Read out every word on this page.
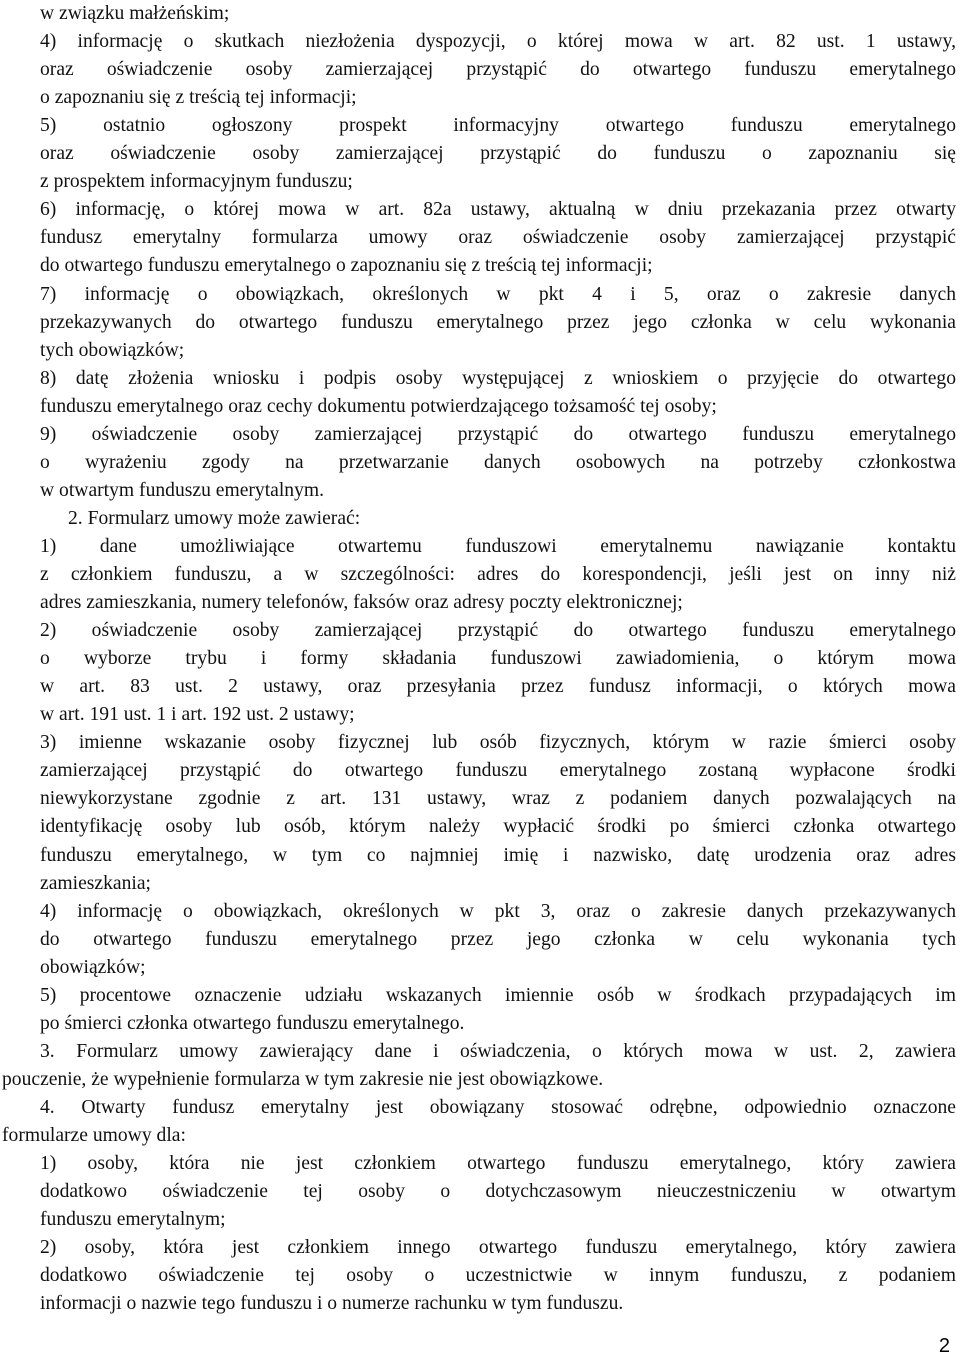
w związku małżeńskim;
4) informację o skutkach niezłożenia dyspozycji, o której mowa w art. 82 ust. 1 ustawy,
oraz oświadczenie osoby zamierzającej przystąpić do otwartego funduszu emerytalnego
o zapoznaniu się z treścią tej informacji;
5) ostatnio ogłoszony prospekt informacyjny otwartego funduszu emerytalnego
oraz oświadczenie osoby zamierzającej przystąpić do funduszu o zapoznaniu się
z prospektem informacyjnym funduszu;
6) informację, o której mowa w art. 82a ustawy, aktualną w dniu przekazania przez otwarty
fundusz emerytalny formularza umowy oraz oświadczenie osoby zamierzającej przystąpić
do otwartego funduszu emerytalnego o zapoznaniu się z treścią tej informacji;
7) informację o obowiązkach, określonych w pkt 4 i 5, oraz o zakresie danych
przekazywanych do otwartego funduszu emerytalnego przez jego członka w celu wykonania
tych obowiązków;
8) datę złożenia wniosku i podpis osoby występującej z wnioskiem o przyjęcie do otwartego
funduszu emerytalnego oraz cechy dokumentu potwierdzającego tożsamość tej osoby;
9) oświadczenie osoby zamierzającej przystąpić do otwartego funduszu emerytalnego
o wyrażeniu zgody na przetwarzanie danych osobowych na potrzeby członkostwa
w otwartym funduszu emerytalnym.
2. Formularz umowy może zawierać:
1) dane umożliwiające otwartemu funduszowi emerytalnemu nawiązanie kontaktu
z członkiem funduszu, a w szczególności: adres do korespondencji, jeśli jest on inny niż
adres zamieszkania, numery telefonów, faksów oraz adresy poczty elektronicznej;
2) oświadczenie osoby zamierzającej przystąpić do otwartego funduszu emerytalnego
o wyborze trybu i formy składania funduszowi zawiadomienia, o którym mowa
w art. 83 ust. 2 ustawy, oraz przesyłania przez fundusz informacji, o których mowa
w art. 191 ust. 1 i art. 192 ust. 2 ustawy;
3) imienne wskazanie osoby fizycznej lub osób fizycznych, którym w razie śmierci osoby
zamierzającej przystąpić do otwartego funduszu emerytalnego zostaną wypłacone środki
niewykorzystane zgodnie z art. 131 ustawy, wraz z podaniem danych pozwalających na
identyfikację osoby lub osób, którym należy wypłacić środki po śmierci członka otwartego
funduszu emerytalnego, w tym co najmniej imię i nazwisko, datę urodzenia oraz adres
zamieszkania;
4) informację o obowiązkach, określonych w pkt 3, oraz o zakresie danych przekazywanych
do otwartego funduszu emerytalnego przez jego członka w celu wykonania tych
obowiązków;
5) procentowe oznaczenie udziału wskazanych imiennie osób w środkach przypadających im
po śmierci członka otwartego funduszu emerytalnego.
3. Formularz umowy zawierający dane i oświadczenia, o których mowa w ust. 2, zawiera
pouczenie, że wypełnienie formularza w tym zakresie nie jest obowiązkowe.
4. Otwarty fundusz emerytalny jest obowiązany stosować odrębne, odpowiednio oznaczone
formularze umowy dla:
1) osoby, która nie jest członkiem otwartego funduszu emerytalnego, który zawiera
dodatkowo oświadczenie tej osoby o dotychczasowym nieuczestniczeniu w otwartym
funduszu emerytalnym;
2) osoby, która jest członkiem innego otwartego funduszu emerytalnego, który zawiera
dodatkowo oświadczenie tej osoby o uczestnictwie w innym funduszu, z podaniem
informacji o nazwie tego funduszu i o numerze rachunku w tym funduszu.
2
